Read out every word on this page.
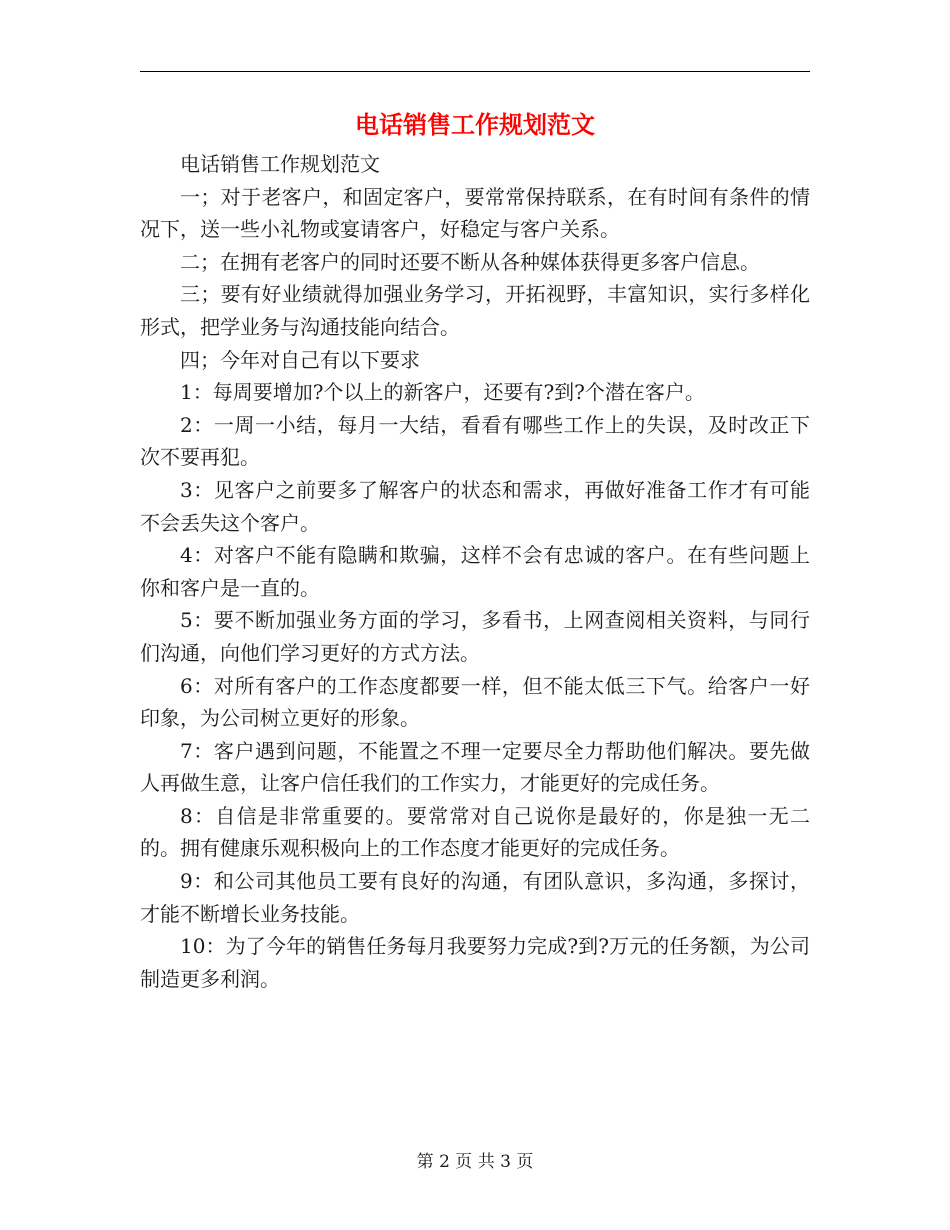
电话销售工作规划范文

电话销售工作规划范文

一；对于老客户，和固定客户，要常常保持联系，在有时间有条件的情况下，送一些小礼物或宴请客户，好稳定与客户关系。

二；在拥有老客户的同时还要不断从各种媒体获得更多客户信息。

三；要有好业绩就得加强业务学习，开拓视野，丰富知识，实行多样化形式，把学业务与沟通技能向结合。

四；今年对自己有以下要求

1：每周要增加?个以上的新客户，还要有?到?个潜在客户。

2：一周一小结，每月一大结，看看有哪些工作上的失误，及时改正下次不要再犯。

3：见客户之前要多了解客户的状态和需求，再做好准备工作才有可能不会丢失这个客户。

4：对客户不能有隐瞒和欺骗，这样不会有忠诚的客户。在有些问题上你和客户是一直的。

5：要不断加强业务方面的学习，多看书，上网查阅相关资料，与同行们沟通，向他们学习更好的方式方法。

6：对所有客户的工作态度都要一样，但不能太低三下气。给客户一好印象，为公司树立更好的形象。

7：客户遇到问题，不能置之不理一定要尽全力帮助他们解决。要先做人再做生意，让客户信任我们的工作实力，才能更好的完成任务。

8：自信是非常重要的。要常常对自己说你是最好的，你是独一无二的。拥有健康乐观积极向上的工作态度才能更好的完成任务。

9：和公司其他员工要有良好的沟通，有团队意识，多沟通，多探讨，才能不断增长业务技能。

10：为了今年的销售任务每月我要努力完成?到?万元的任务额，为公司制造更多利润。

第 2 页 共 3 页
